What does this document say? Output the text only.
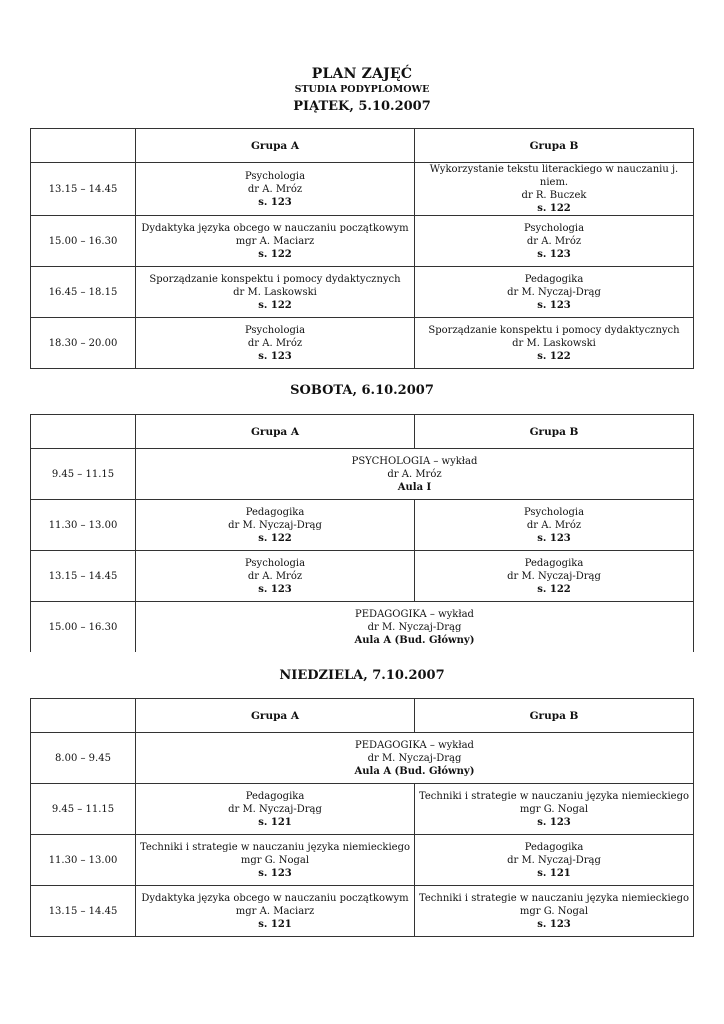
PLAN ZAJĘĆ
STUDIA PODYPLOMOWE
PIĄTEK, 5.10.2007
	Grupa A	Grupa B
13.15 – 14.45	Psychologia
dr A. Mróz
s. 123	Wykorzystanie tekstu literackiego w nauczaniu j. niem.
dr R. Buczek
s. 122

15.00 – 16.30	Dydaktyka języka obcego w nauczaniu początkowym
mgr A. Maciarz
s. 122	Psychologia
dr A. Mróz
s. 123

16.45 – 18.15	Sporządzanie konspektu i pomocy dydaktycznych
dr M. Laskowski
s. 122	Pedagogika
dr M. Nyczaj-Drąg
s. 123

18.30 – 20.00	Psychologia
dr A. Mróz
s. 123	Sporządzanie konspektu i pomocy dydaktycznych
dr M. Laskowski
s. 122
SOBOTA, 6.10.2007
	Grupa A	Grupa B
9.45 – 11.15	PSYCHOLOGIA – wykład
dr A. Mróz
Aula I	

11.30 – 13.00	Pedagogika
dr M. Nyczaj-Drąg
s. 122	Psychologia
dr A. Mróz
s. 123

13.15 – 14.45	Psychologia
dr A. Mróz
s. 123	Pedagogika
dr M. Nyczaj-Drąg
s. 122

15.00 – 16.30	PEDAGOGIKA – wykład
dr M. Nyczaj-Drąg
Aula A (Bud. Główny)	
NIEDZIELA, 7.10.2007
	Grupa A	Grupa B
8.00 – 9.45	PEDAGOGIKA – wykład
dr M. Nyczaj-Drąg
Aula A (Bud. Główny)	

9.45 – 11.15	Pedagogika
dr M. Nyczaj-Drąg
s. 121	Techniki i strategie w nauczaniu języka niemieckiego
mgr G. Nogal
s. 123

11.30 – 13.00	Techniki i strategie w nauczaniu języka niemieckiego
mgr G. Nogal
s. 123	Pedagogika
dr M. Nyczaj-Drąg
s. 121

13.15 – 14.45	Dydaktyka języka obcego w nauczaniu początkowym
mgr A. Maciarz
s. 121	Techniki i strategie w nauczaniu języka niemieckiego
mgr G. Nogal
s. 123
